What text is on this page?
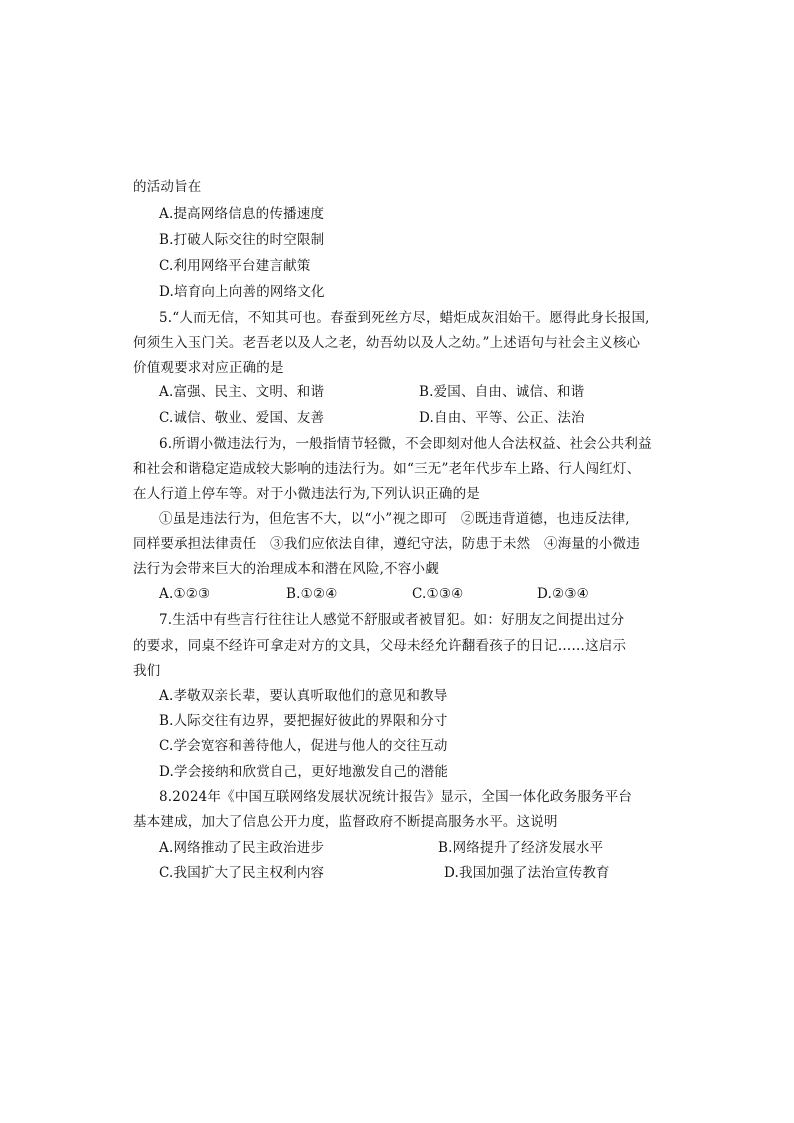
的活动旨在
A.提高网络信息的传播速度
B.打破人际交往的时空限制
C.利用网络平台建言献策
D.培育向上向善的网络文化
5.“人而无信，不知其可也。春蚕到死丝方尽，蜡炬成灰泪始干。愿得此身长报国,
何须生入玉门关。老吾老以及人之老，幼吾幼以及人之幼。”上述语句与社会主义核心
价值观要求对应正确的是
A.富强、民主、文明、和谐	B.爱国、自由、诚信、和谐
C.诚信、敬业、爱国、友善	D.自由、平等、公正、法治
6.所谓小微违法行为，一般指情节轻微，不会即刻对他人合法权益、社会公共利益
和社会和谐稳定造成较大影响的违法行为。如“三无”老年代步车上路、行人闯红灯、
在人行道上停车等。对于小微违法行为,下列认识正确的是
①虽是违法行为，但危害不大，以“小”视之即可　②既违背道德，也违反法律,
同样要承担法律责任　③我们应依法自律，遵纪守法，防患于未然　④海量的小微违
法行为会带来巨大的治理成本和潜在风险,不容小觑
A.①②③	B.①②④	C.①③④	D.②③④
7.生活中有些言行往往让人感觉不舒服或者被冒犯。如：好朋友之间提出过分
的要求，同桌不经许可拿走对方的文具，父母未经允许翻看孩子的日记……这启示
我们
A.孝敬双亲长辈，要认真听取他们的意见和教导
B.人际交往有边界，要把握好彼此的界限和分寸
C.学会宽容和善待他人，促进与他人的交往互动
D.学会接纳和欣赏自己，更好地激发自己的潜能
8.2024年《中国互联网络发展状况统计报告》显示，全国一体化政务服务平台
基本建成，加大了信息公开力度，监督政府不断提高服务水平。这说明
A.网络推动了民主政治进步	B.网络提升了经济发展水平
C.我国扩大了民主权利内容	D.我国加强了法治宣传教育
